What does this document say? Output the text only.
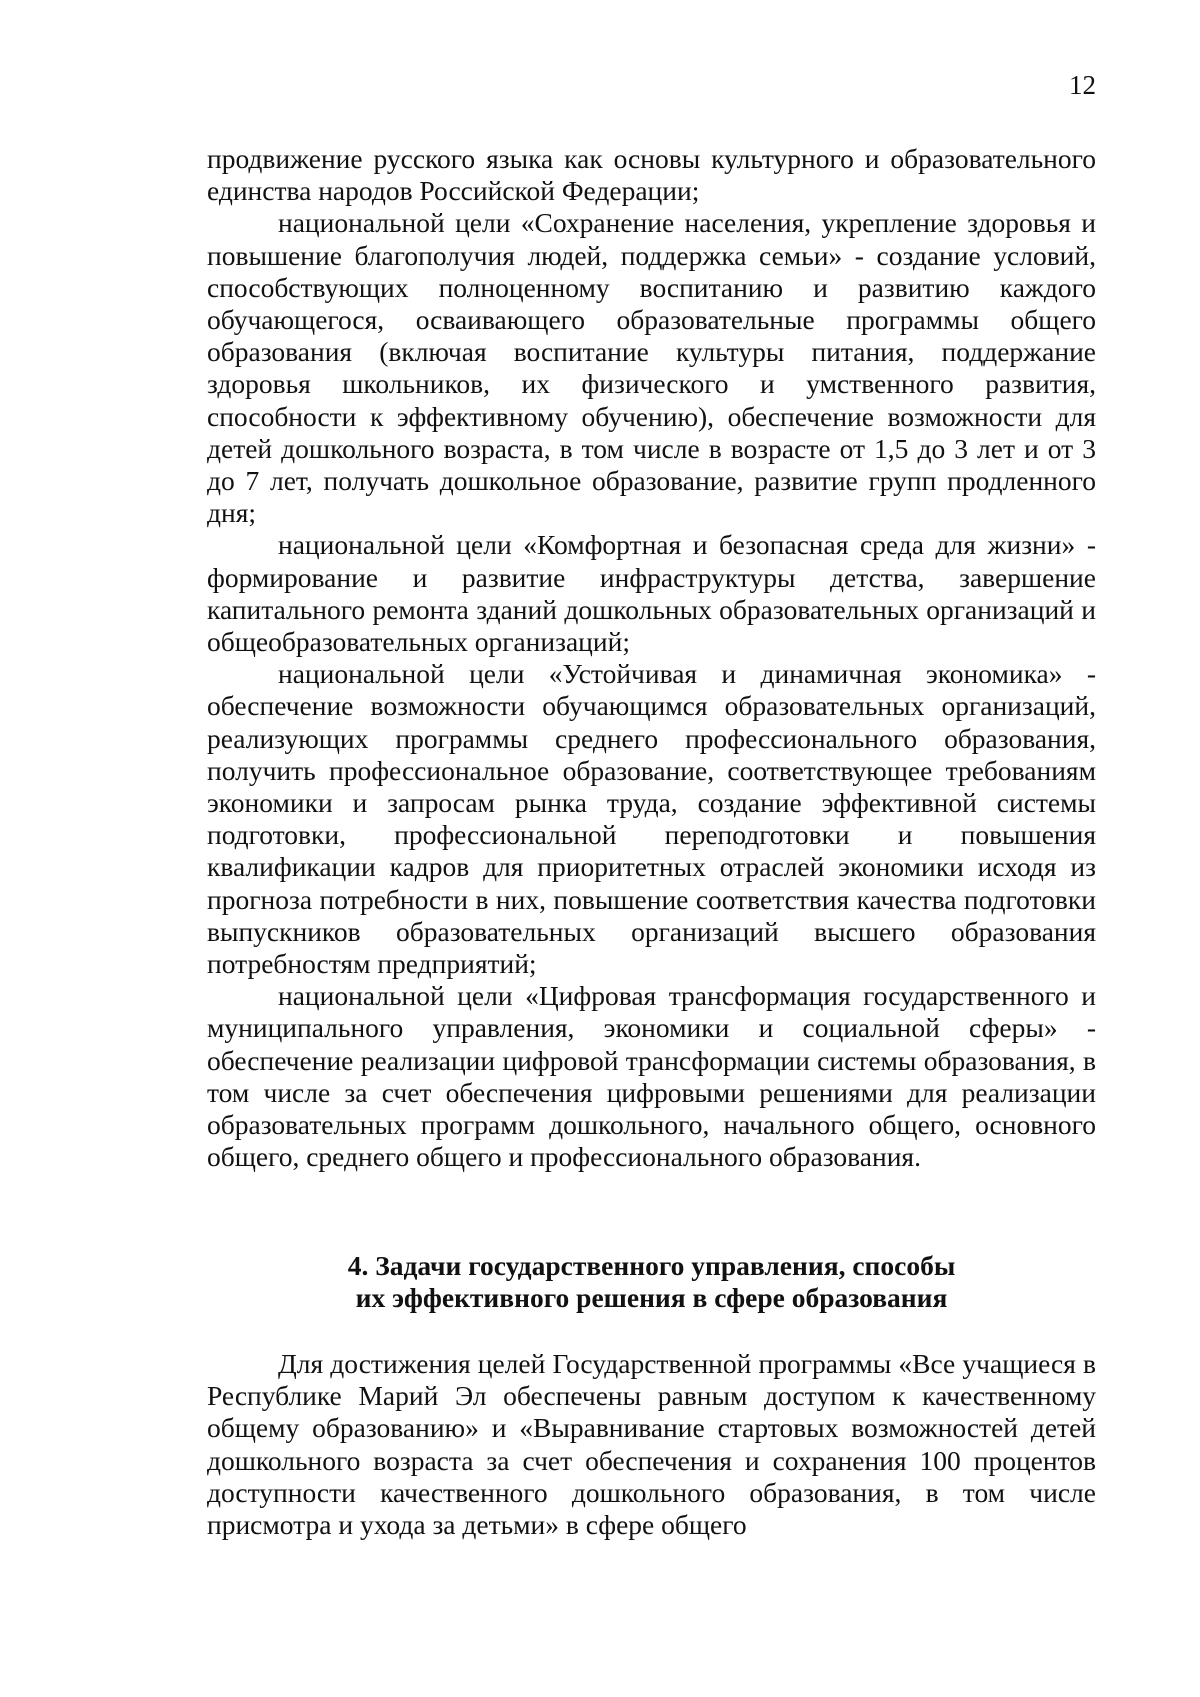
12

продвижение русского языка как основы культурного и образовательного единства народов Российской Федерации;

национальной цели «Сохранение населения, укрепление здоровья и повышение благополучия людей, поддержка семьи» - создание условий, способствующих полноценному воспитанию и развитию каждого обучающегося, осваивающего образовательные программы общего образования (включая воспитание культуры питания, поддержание здоровья школьников, их физического и умственного развития, способности к эффективному обучению), обеспечение возможности для детей дошкольного возраста, в том числе в возрасте от 1,5 до 3 лет и от 3 до 7 лет, получать дошкольное образование, развитие групп продленного дня;

национальной цели «Комфортная и безопасная среда для жизни» - формирование и развитие инфраструктуры детства, завершение капитального ремонта зданий дошкольных образовательных организаций и общеобразовательных организаций;

национальной цели «Устойчивая и динамичная экономика» - обеспечение возможности обучающимся образовательных организаций, реализующих программы среднего профессионального образования, получить профессиональное образование, соответствующее требованиям экономики и запросам рынка труда, создание эффективной системы подготовки, профессиональной переподготовки и повышения квалификации кадров для приоритетных отраслей экономики исходя из прогноза потребности в них, повышение соответствия качества подготовки выпускников образовательных организаций высшего образования потребностям предприятий;

национальной цели «Цифровая трансформация государственного и муниципального управления, экономики и социальной сферы» - обеспечение реализации цифровой трансформации системы образования, в том числе за счет обеспечения цифровыми решениями для реализации образовательных программ дошкольного, начального общего, основного общего, среднего общего и профессионального образования.

4. Задачи государственного управления, способы
их эффективного решения в сфере образования

Для достижения целей Государственной программы «Все учащиеся в Республике Марий Эл обеспечены равным доступом к качественному общему образованию» и «Выравнивание стартовых возможностей детей дошкольного возраста за счет обеспечения и сохранения 100 процентов доступности качественного дошкольного образования, в том числе присмотра и ухода за детьми» в сфере общего
